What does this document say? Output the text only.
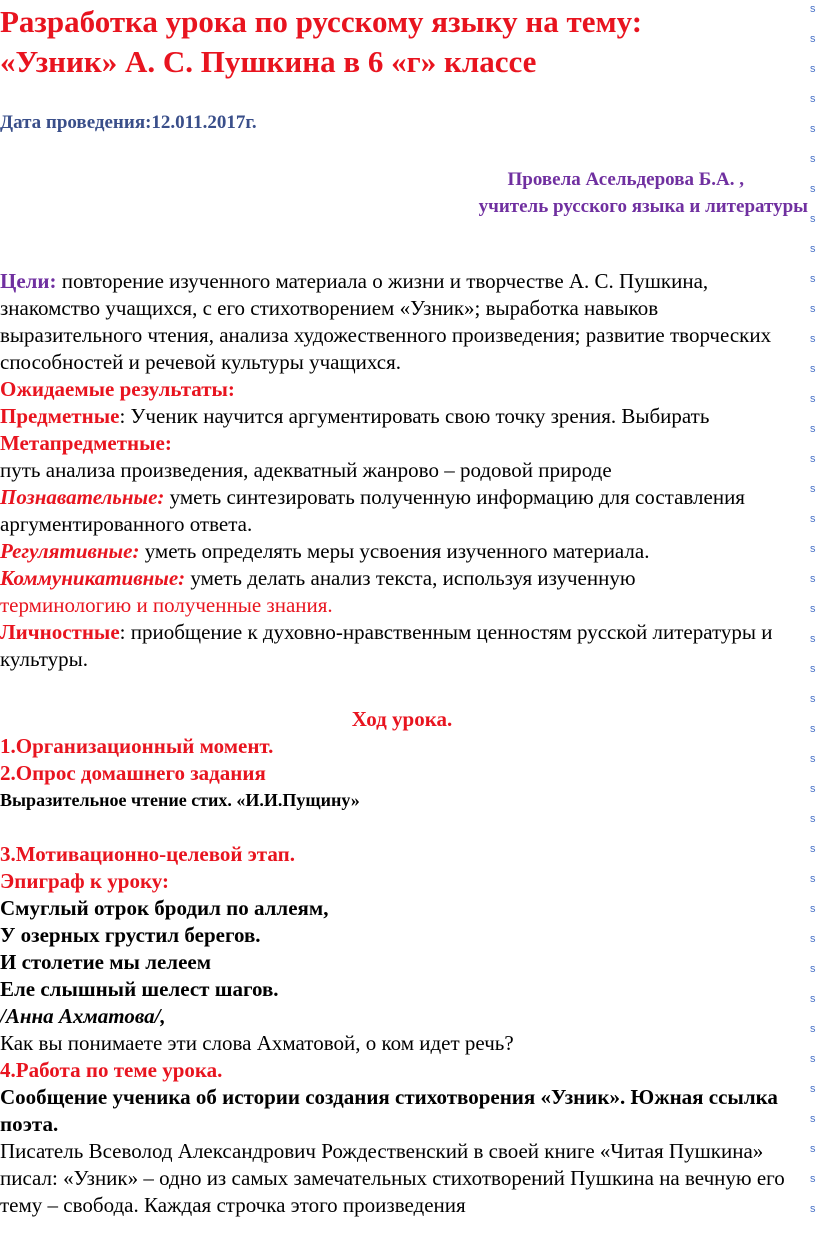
Разработка урока по русскому языку на тему:
«Узник» А. С. Пушкина в 6 «г» классе

Дата проведения:12.011.2017г.

Провела Асельдерова Б.А. ,
учитель русского языка и литературы

Цели: повторение изученного материала о жизни и творчестве А. С. Пушкина, знакомство учащихся, с его стихотворением «Узник»; выработка навыков выразительного чтения, анализа художественного произведения; развитие творческих способностей и речевой культуры учащихся.

Ожидаемые результаты:

Предметные: Ученик научится аргументировать свою точку зрения. Выбирать

Метапредметные:

путь анализа произведения, адекватный жанрово – родовой природе

Познавательные: уметь синтезировать полученную информацию для составления аргументированного ответа.

Регулятивные: уметь определять меры усвоения изученного материала.

Коммуникативные: уметь делать анализ текста, используя изученную
терминологию и полученные знания.

Личностные: приобщение к духовно-нравственным ценностям русской литературы и культуры.

Ход урока.

1.Организационный момент.

2.Опрос домашнего задания

Выразительное чтение стих. «И.И.Пущину»

3.Мотивационно-целевой этап.

Эпиграф к уроку:

Смуглый отрок бродил по аллеям,

У озерных грустил берегов.

И столетие мы лелеем

Еле слышный шелест шагов.

/Анна Ахматова/,

Как вы понимаете эти слова Ахматовой, о ком идет речь?

4.Работа по теме урока.

Сообщение ученика об истории создания стихотворения «Узник». Южная ссылка поэта.

Писатель Всеволод Александрович Рождественский в своей книге «Читая Пушкина» писал: «Узник» – одно из самых замечательных стихотворений Пушкина на вечную его тему – свобода. Каждая строчка этого произведения

s
s
s
s
s
s
s
s
s
s
s
s
s
s
s
s
s
s
s
s
s
s
s
s
s
s
s
s
s
s
s
s
s
s
s
s
s
s
s
s
s
